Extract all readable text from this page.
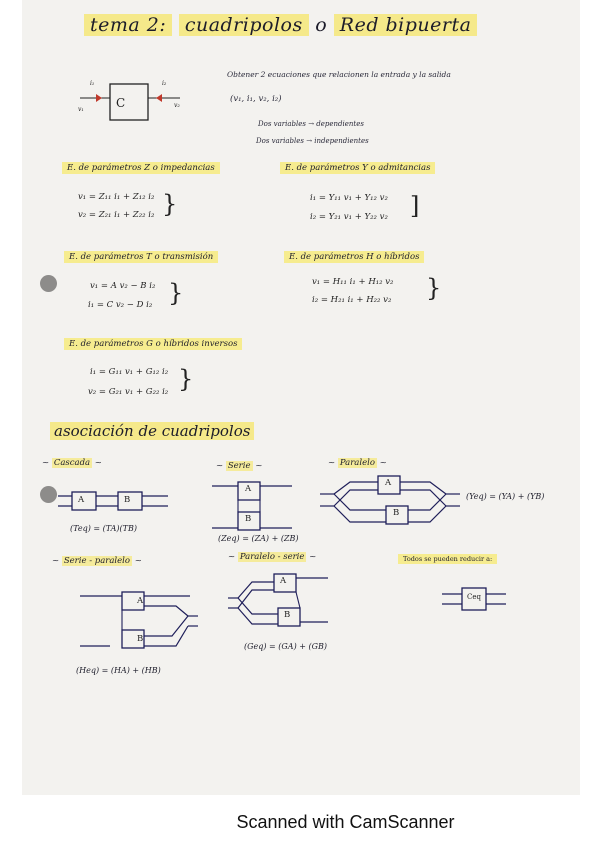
tema 2: cuadripolos o Red bipuerta
C
i₁	i₂
v₁
v₂
Obtener 2 ecuaciones que relacionen la entrada y la salida
(v₁, i₁, v₂, i₂)
Dos variables → dependientes
Dos variables → independientes
E. de parámetros Z o impedancias
v₁ = Z₁₁ i₁ + Z₁₂ i₂
v₂ = Z₂₁ i₁ + Z₂₂ i₂ }
E. de parámetros Y o admitancias
i₁ = Y₁₁ v₁ + Y₁₂ v₂
i₂ = Y₂₁ v₁ + Y₂₂ v₂ ]
E. de parámetros T o transmisión
v₁ = A v₂ − B i₂
i₁ = C v₂ − D i₂ }
E. de parámetros H o híbridos
v₁ = H₁₁ i₁ + H₁₂ v₂
i₂ = H₂₁ i₁ + H₂₂ v₂ }
E. de parámetros G o híbridos inversos
i₁ = G₁₁ v₁ + G₁₂ i₂
v₂ = G₂₁ v₁ + G₂₂ i₂ }
asociación de cuadripolos
~ Cascada ~
A	B
(Teq) = (TA)(TB)
~ Serie ~
A
B
(Zeq) = (ZA) + (ZB)
~ Paralelo ~
A
B
(Yeq) = (YA) + (YB)
~ Serie - paralelo ~
A
B
(Heq) = (HA) + (HB)
~ Paralelo - serie ~
A
B
(Geq) = (GA) + (GB)
Todos se pueden reducir a:
Ceq
Scanned with CamScanner
